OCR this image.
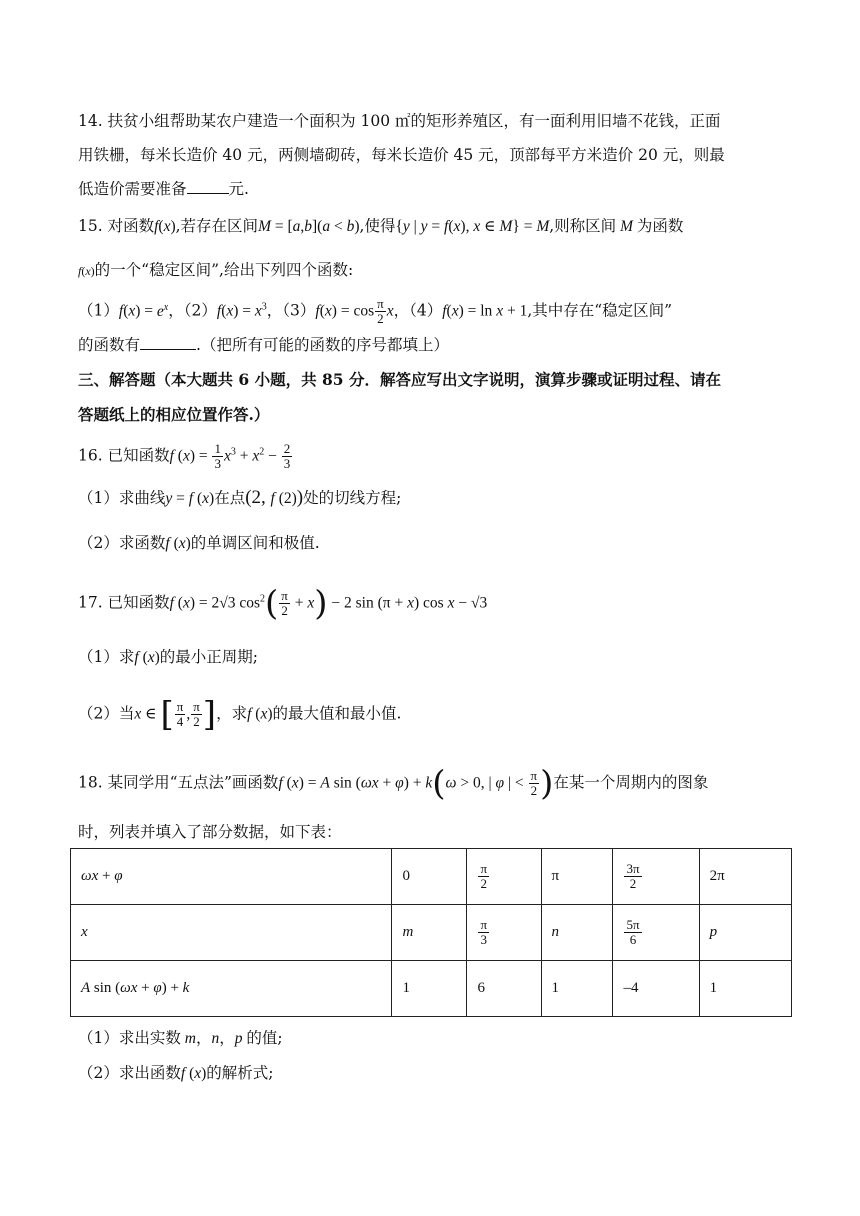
14. 扶贫小组帮助某农户建造一个面积为 100 ㎡的矩形养殖区，有一面利用旧墙不花钱，正面
用铁栅，每米长造价 40 元，两侧墙砌砖，每米长造价 45 元，顶部每平方米造价 20 元，则最
低造价需要准备	元.
15. 对函数f(x),若存在区间M = [a,b](a < b),使得{y | y = f(x), x ∈ M} = M,则称区间 M 为函数
f(x)的一个“稳定区间”,给出下列四个函数:
$(1)f(x) = e^x$，$(2)f(x) = x^3$，$(3)f(x) = \cos \frac{\pi}{2}$ x，（4）f(x) = ln x + 1,其中存在“稳定区间”
的函数有	.（把所有可能的函数的序号都填上）
三、解答题（本大题共 6 小题，共 85 分．解答应写出文字说明，演算步骤或证明过程、请在
答题纸上的相应位置作答.）
16. 已知函数f $(x) = \frac{1}{3} x^3 + x^2 - \frac{2}{3}$
（1）求曲线y = f (x)在点(2, f (2))处的切线方程;
（2）求函数f (x)的单调区间和极值.
17. 已知函数f (x) = 2√3 $\cos^2( \frac{\pi}{2} + x) - 2$ sin (π + x) cos x − √3
（1）求f (x)的最小正周期;
（2）当x ∈ [ $\frac{\pi}{4}$ , $\frac{\pi}{2}$ ]，求f (x)的最大值和最小值.
18. 某同学用“五点法”画函数f (x) = A sin (ωx + φ) + k(ω > 0, | φ | < $\frac{\pi}{2}$ )在某一个周期内的图象
时，列表并填入了部分数据，如下表：
ωx + φ	0	$\frac{\pi}{2}$	π	$\frac{3\pi}{2}$	2π
x	m	$\frac{\pi}{3}$	n	$\frac{5\pi}{6}$	p
A sin (ωx + φ) + k	1	6	1	–4	1
（1）求出实数 m，n，p 的值;
（2）求出函数f (x)的解析式;
